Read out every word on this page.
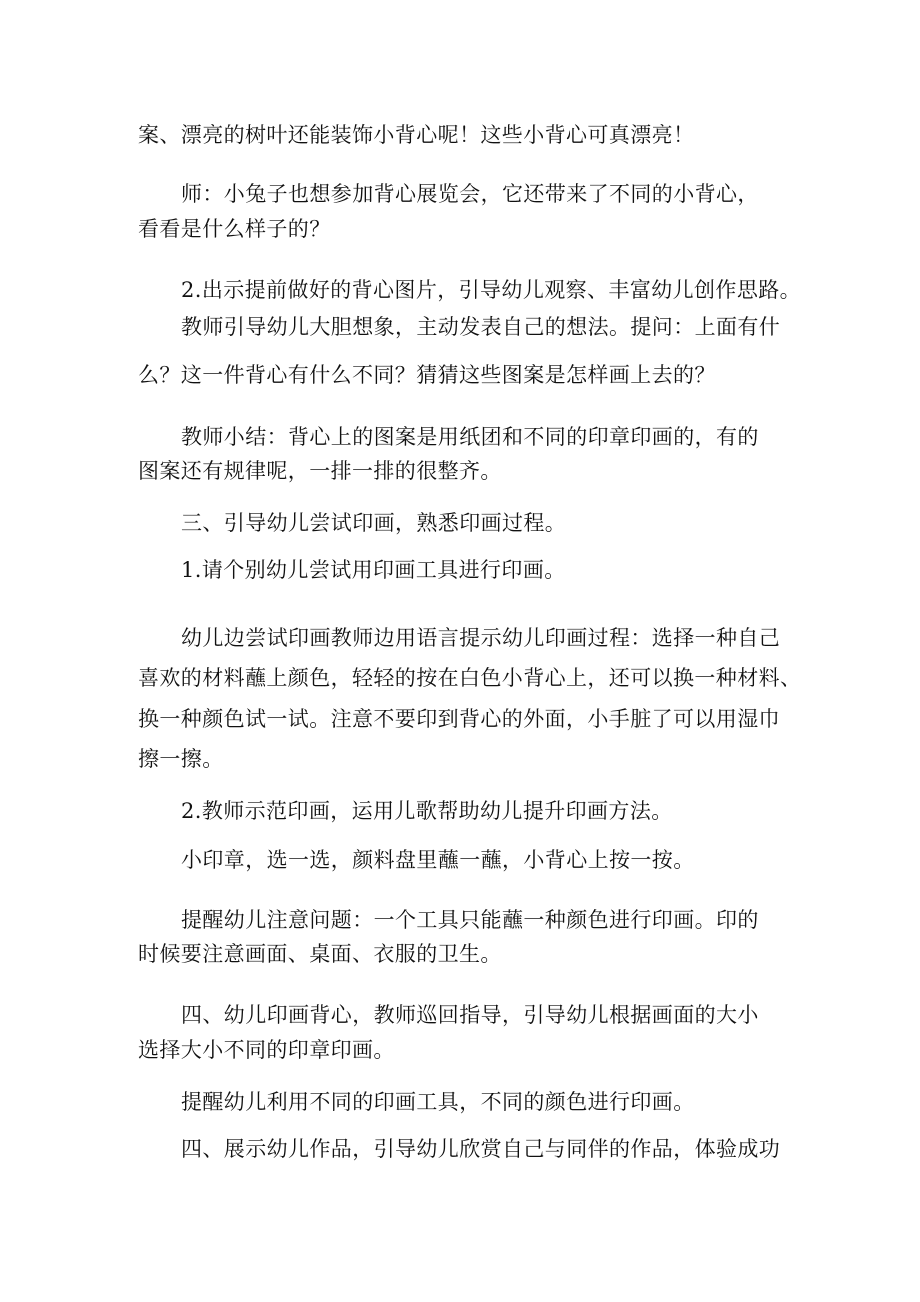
案、漂亮的树叶还能装饰小背心呢！这些小背心可真漂亮！
师：小兔子也想参加背心展览会，它还带来了不同的小背心，
看看是什么样子的？
2.出示提前做好的背心图片，引导幼儿观察、丰富幼儿创作思路。
教师引导幼儿大胆想象，主动发表自己的想法。提问：上面有什
么？这一件背心有什么不同？猜猜这些图案是怎样画上去的？
教师小结：背心上的图案是用纸团和不同的印章印画的，有的
图案还有规律呢，一排一排的很整齐。
三、引导幼儿尝试印画，熟悉印画过程。
1.请个别幼儿尝试用印画工具进行印画。
幼儿边尝试印画教师边用语言提示幼儿印画过程：选择一种自己
喜欢的材料蘸上颜色，轻轻的按在白色小背心上，还可以换一种材料、
换一种颜色试一试。注意不要印到背心的外面，小手脏了可以用湿巾
擦一擦。
2.教师示范印画，运用儿歌帮助幼儿提升印画方法。
小印章，选一选，颜料盘里蘸一蘸，小背心上按一按。
提醒幼儿注意问题：一个工具只能蘸一种颜色进行印画。印的
时候要注意画面、桌面、衣服的卫生。
四、幼儿印画背心，教师巡回指导，引导幼儿根据画面的大小
选择大小不同的印章印画。
提醒幼儿利用不同的印画工具，不同的颜色进行印画。
四、展示幼儿作品，引导幼儿欣赏自己与同伴的作品，体验成功
